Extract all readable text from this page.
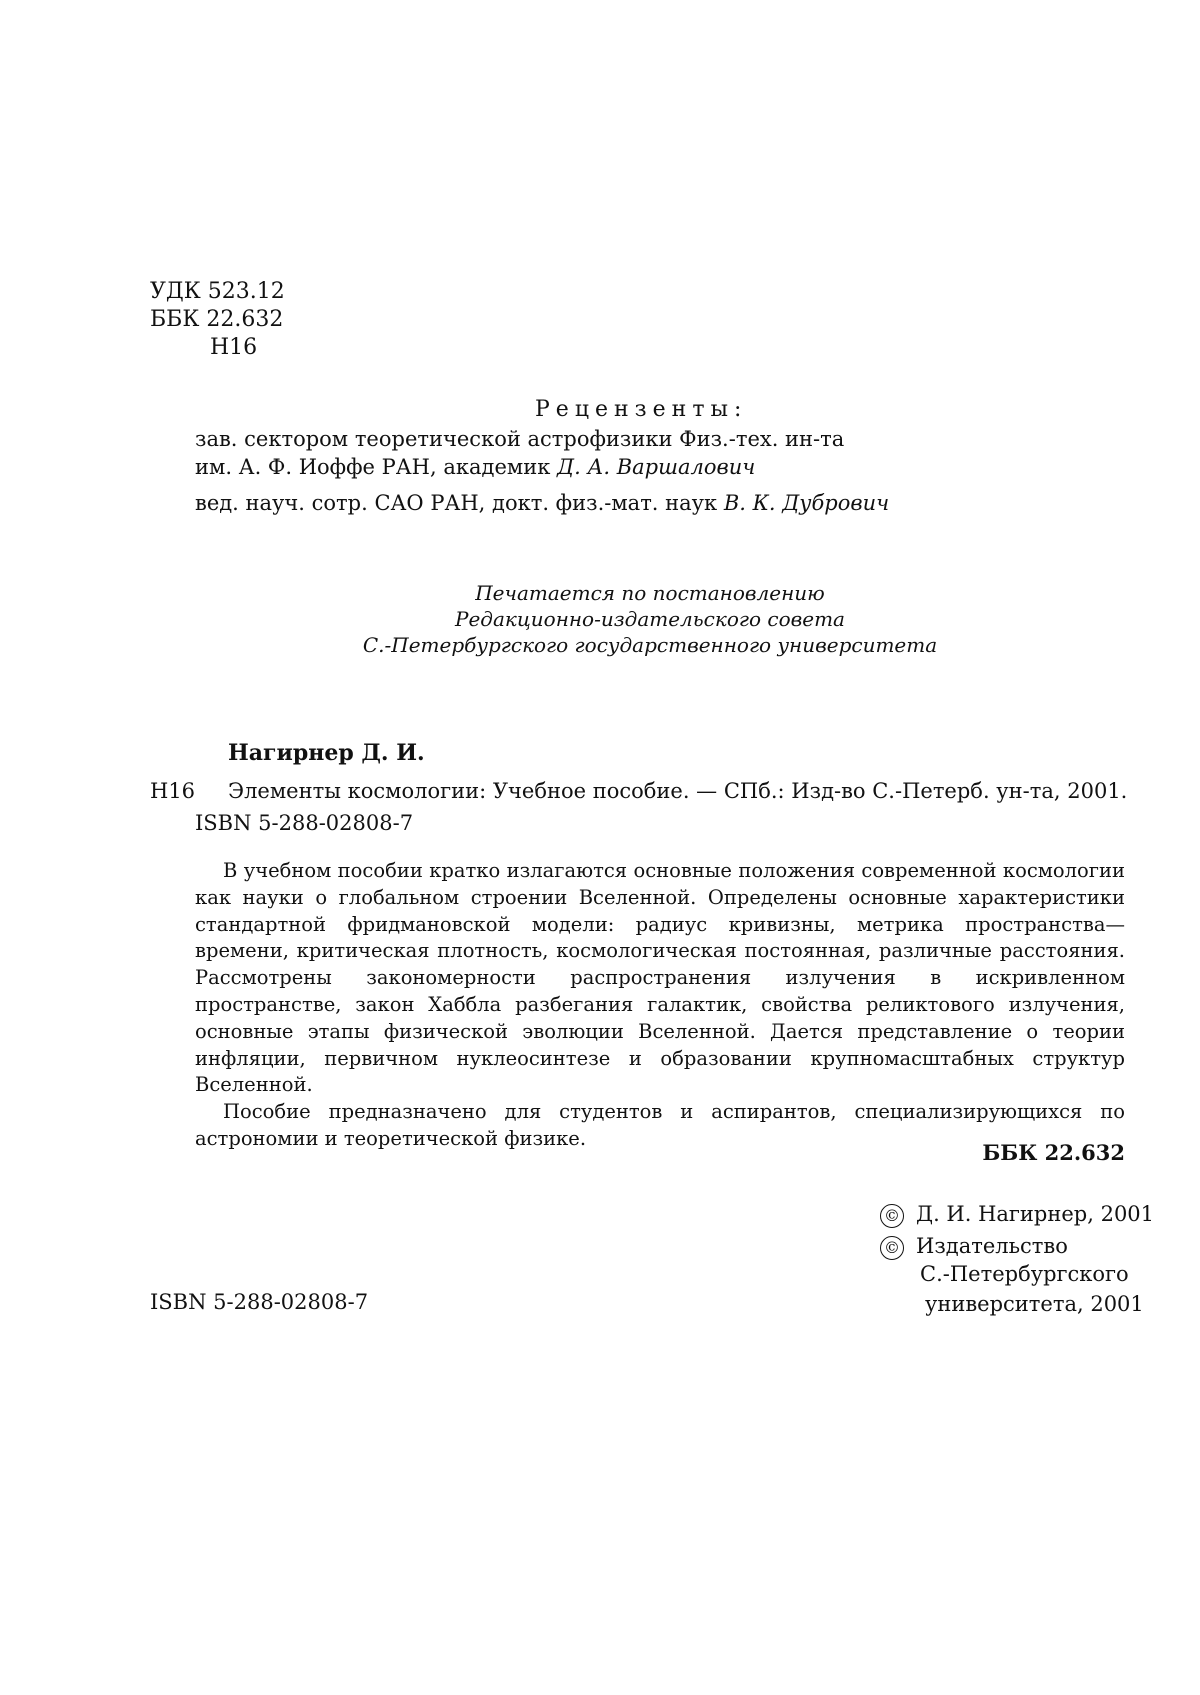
УДК 523.12
ББК 22.632
Н16
Рецензенты:
зав. сектором теоретической астрофизики Физ.-тех. ин-та
им. А. Ф. Иоффе РАН, академик Д. А. Варшалович
вед. науч. сотр. САО РАН, докт. физ.-мат. наук В. К. Дубрович
Печатается по постановлению
Редакционно-издательского совета
С.-Петербургского государственного университета
Нагирнер Д. И.
Н16 Элементы космологии: Учебное пособие. — СПб.: Изд-во С.-Петерб. ун-та, 2001.
ISBN 5-288-02808-7

В учебном пособии кратко излагаются основные положения современной космологии как науки о глобальном строении Вселенной. Определены основные характеристики стандартной фридмановской модели: радиус кривизны, метрика пространства—времени, критическая плотность, космологическая постоянная, различные расстояния. Рассмотрены закономерности распространения излучения в искривленном пространстве, закон Хаббла разбегания галактик, свойства реликтового излучения, основные этапы физической эволюции Вселенной. Дается представление о теории инфляции, первичном нуклеосинтезе и образовании крупномасштабных структур Вселенной.

Пособие предназначено для студентов и аспирантов, специализирующихся по астрономии и теоретической физике.

ББК 22.632
© Д. И. Нагирнер, 2001
© Издательство
С.-Петербургского
университета, 2001
ISBN 5-288-02808-7
